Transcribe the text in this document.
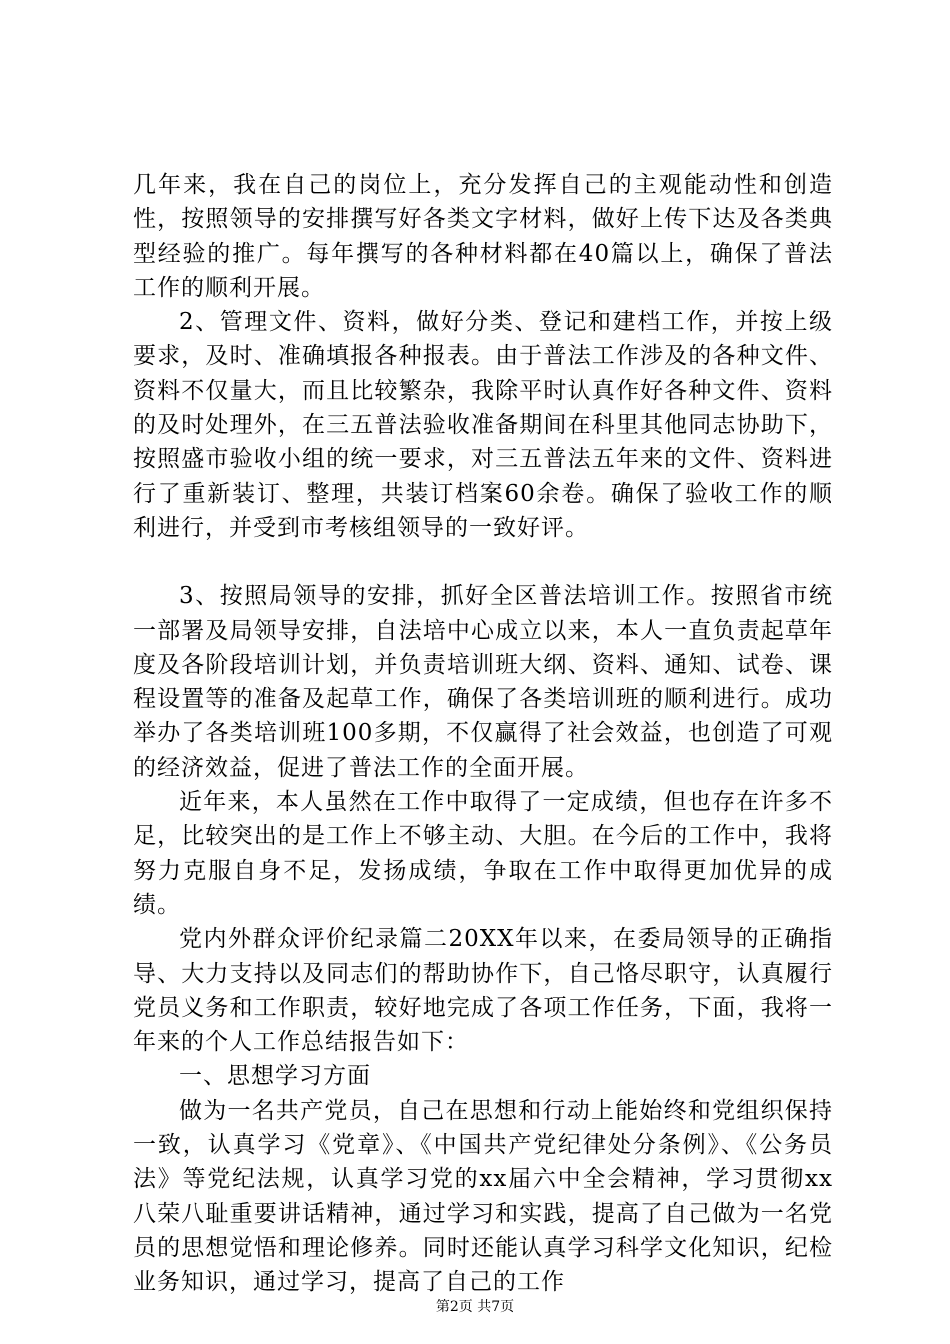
几年来，我在自己的岗位上，充分发挥自己的主观能动性和创造性，按照领导的安排撰写好各类文字材料，做好上传下达及各类典型经验的推广。每年撰写的各种材料都在40篇以上，确保了普法工作的顺利开展。

2、管理文件、资料，做好分类、登记和建档工作，并按上级要求，及时、准确填报各种报表。由于普法工作涉及的各种文件、资料不仅量大，而且比较繁杂，我除平时认真作好各种文件、资料的及时处理外，在三五普法验收准备期间在科里其他同志协助下，按照盛市验收小组的统一要求，对三五普法五年来的文件、资料进行了重新装订、整理，共装订档案60余卷。确保了验收工作的顺利进行，并受到市考核组领导的一致好评。

3、按照局领导的安排，抓好全区普法培训工作。按照省市统一部署及局领导安排，自法培中心成立以来，本人一直负责起草年度及各阶段培训计划，并负责培训班大纲、资料、通知、试卷、课程设置等的准备及起草工作，确保了各类培训班的顺利进行。成功举办了各类培训班100多期，不仅赢得了社会效益，也创造了可观的经济效益，促进了普法工作的全面开展。

近年来，本人虽然在工作中取得了一定成绩，但也存在许多不足，比较突出的是工作上不够主动、大胆。在今后的工作中，我将努力克服自身不足，发扬成绩，争取在工作中取得更加优异的成绩。

党内外群众评价纪录篇二20XX年以来，在委局领导的正确指导、大力支持以及同志们的帮助协作下，自己恪尽职守，认真履行党员义务和工作职责，较好地完成了各项工作任务，下面，我将一年来的个人工作总结报告如下：

一、思想学习方面

做为一名共产党员，自己在思想和行动上能始终和党组织保持一致，认真学习《党章》、《中国共产党纪律处分条例》、《公务员法》等党纪法规，认真学习党的xx届六中全会精神，学习贯彻xx八荣八耻重要讲话精神，通过学习和实践，提高了自己做为一名党员的思想觉悟和理论修养。同时还能认真学习科学文化知识，纪检业务知识，通过学习，提高了自己的工作

第2页 共7页
